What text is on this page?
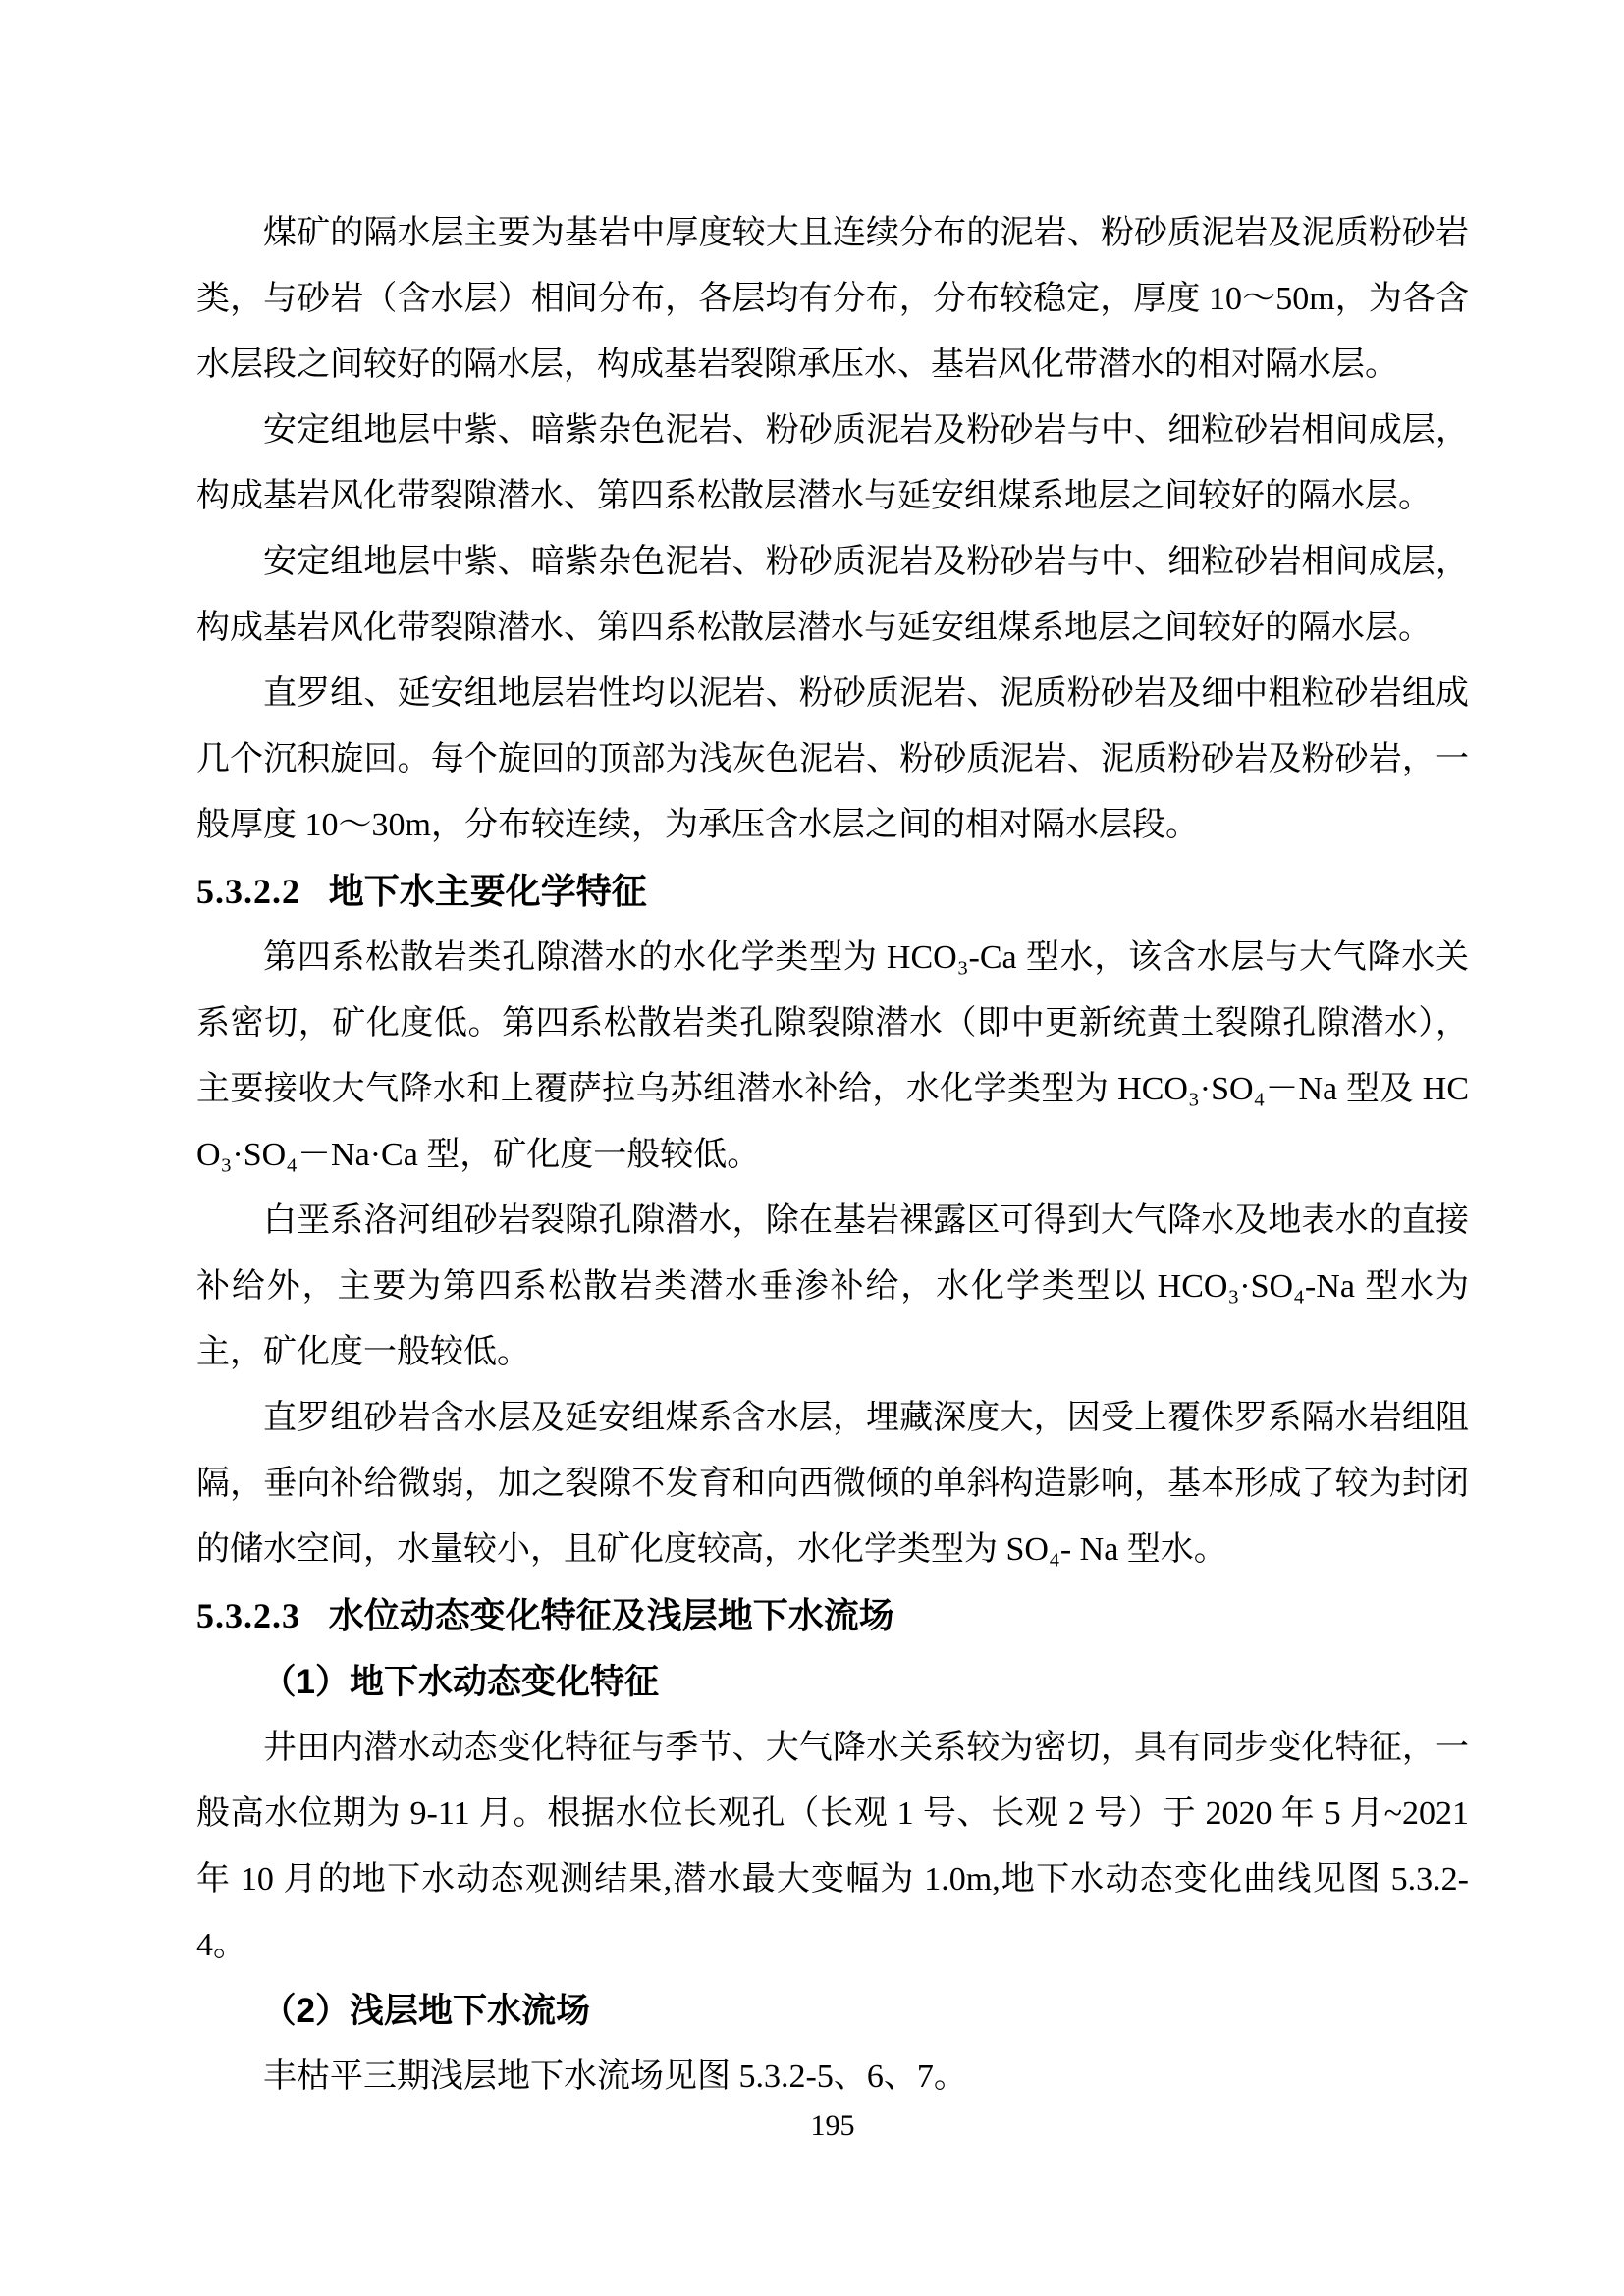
煤矿的隔水层主要为基岩中厚度较大且连续分布的泥岩、粉砂质泥岩及泥质粉砂岩类，与砂岩（含水层）相间分布，各层均有分布，分布较稳定，厚度 10～50m，为各含水层段之间较好的隔水层，构成基岩裂隙承压水、基岩风化带潜水的相对隔水层。

安定组地层中紫、暗紫杂色泥岩、粉砂质泥岩及粉砂岩与中、细粒砂岩相间成层，构成基岩风化带裂隙潜水、第四系松散层潜水与延安组煤系地层之间较好的隔水层。

安定组地层中紫、暗紫杂色泥岩、粉砂质泥岩及粉砂岩与中、细粒砂岩相间成层，构成基岩风化带裂隙潜水、第四系松散层潜水与延安组煤系地层之间较好的隔水层。

直罗组、延安组地层岩性均以泥岩、粉砂质泥岩、泥质粉砂岩及细中粗粒砂岩组成几个沉积旋回。每个旋回的顶部为浅灰色泥岩、粉砂质泥岩、泥质粉砂岩及粉砂岩，一般厚度 10～30m，分布较连续，为承压含水层之间的相对隔水层段。

5.3.2.2 地下水主要化学特征

第四系松散岩类孔隙潜水的水化学类型为 HCO₃-Ca 型水，该含水层与大气降水关系密切，矿化度低。第四系松散岩类孔隙裂隙潜水（即中更新统黄土裂隙孔隙潜水），主要接收大气降水和上覆萨拉乌苏组潜水补给，水化学类型为 HCO₃·SO₄－Na 型及 HCO₃·SO₄－Na·Ca 型，矿化度一般较低。

白垩系洛河组砂岩裂隙孔隙潜水，除在基岩裸露区可得到大气降水及地表水的直接补给外，主要为第四系松散岩类潜水垂渗补给，水化学类型以 HCO₃·SO₄-Na 型水为主，矿化度一般较低。

直罗组砂岩含水层及延安组煤系含水层，埋藏深度大，因受上覆侏罗系隔水岩组阻隔，垂向补给微弱，加之裂隙不发育和向西微倾的单斜构造影响，基本形成了较为封闭的储水空间，水量较小，且矿化度较高，水化学类型为 SO₄- Na 型水。

5.3.2.3 水位动态变化特征及浅层地下水流场
（1）地下水动态变化特征

井田内潜水动态变化特征与季节、大气降水关系较为密切，具有同步变化特征，一般高水位期为 9-11 月。根据水位长观孔（长观 1 号、长观 2 号）于 2020 年 5 月~2021 年 10 月的地下水动态观测结果,潜水最大变幅为 1.0m,地下水动态变化曲线见图 5.3.2-4。

（2）浅层地下水流场

丰枯平三期浅层地下水流场见图 5.3.2-5、6、7。

195
